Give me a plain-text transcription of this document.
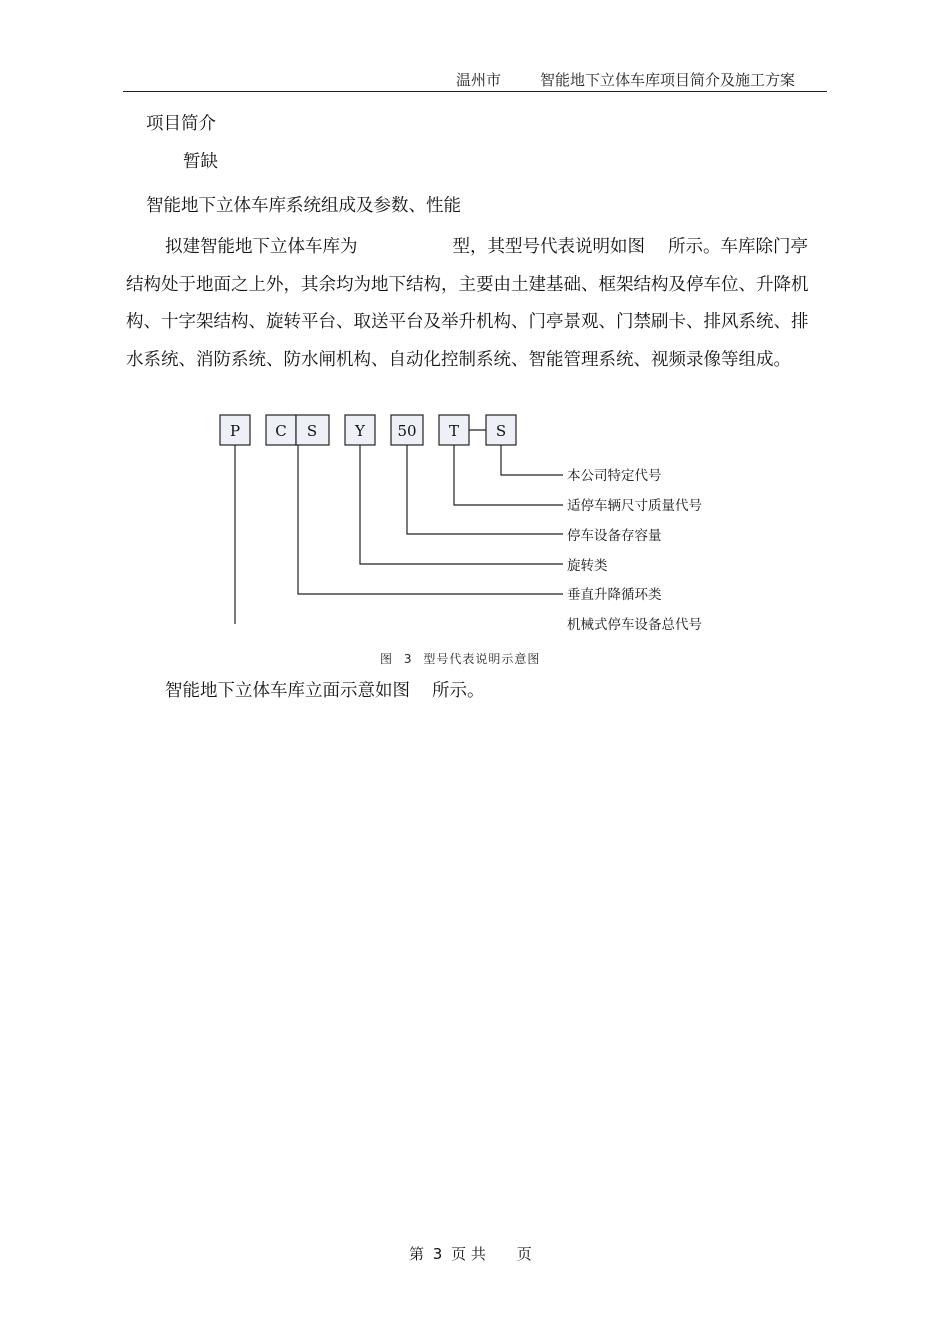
温州市	智能地下立体车库项目简介及施工方案
项目简介
暂缺
智能地下立体车库系统组成及参数、性能
拟建智能地下立体车库为	型，其型号代表说明如图 所示。车库除门亭结构处于地面之上外，其余均为地下结构，主要由土建基础、框架结构及停车位、升降机构、十字架结构、旋转平台、取送平台及举升机构、门亭景观、门禁刷卡、排风系统、排水系统、消防系统、防水闸机构、自动化控制系统、智能管理系统、视频录像等组成。
P C S	Y 50 T S
本公司特定代号
适停车辆尺寸质量代号
停车设备存容量
旋转类
垂直升降循环类
机械式停车设备总代号
图 3 型号代表说明示意图
智能地下立体车库立面示意如图 所示。
第 3 页 共 页
